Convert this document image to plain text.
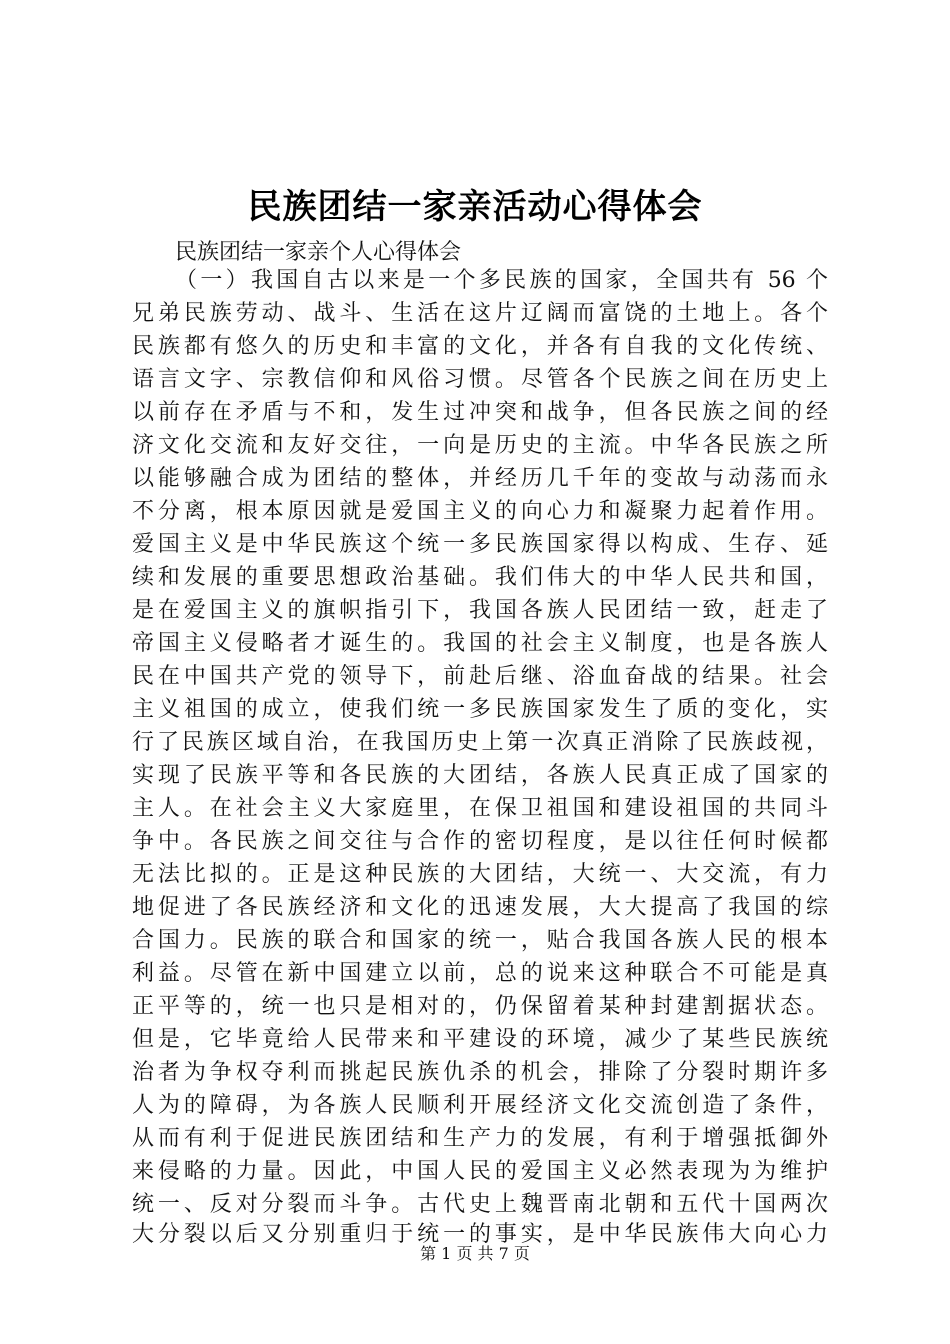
民族团结一家亲活动心得体会

民族团结一家亲个人心得体会

（一）我国自古以来是一个多民族的国家，全国共有 56 个

兄弟民族劳动、战斗、生活在这片辽阔而富饶的土地上。各个

民族都有悠久的历史和丰富的文化，并各有自我的文化传统、

语言文字、宗教信仰和风俗习惯。尽管各个民族之间在历史上

以前存在矛盾与不和，发生过冲突和战争，但各民族之间的经

济文化交流和友好交往，一向是历史的主流。中华各民族之所

以能够融合成为团结的整体，并经历几千年的变故与动荡而永

不分离，根本原因就是爱国主义的向心力和凝聚力起着作用。

爱国主义是中华民族这个统一多民族国家得以构成、生存、延

续和发展的重要思想政治基础。我们伟大的中华人民共和国，

是在爱国主义的旗帜指引下，我国各族人民团结一致，赶走了

帝国主义侵略者才诞生的。我国的社会主义制度，也是各族人

民在中国共产党的领导下，前赴后继、浴血奋战的结果。社会

主义祖国的成立，使我们统一多民族国家发生了质的变化，实

行了民族区域自治，在我国历史上第一次真正消除了民族歧视，

实现了民族平等和各民族的大团结，各族人民真正成了国家的

主人。在社会主义大家庭里，在保卫祖国和建设祖国的共同斗

争中。各民族之间交往与合作的密切程度，是以往任何时候都

无法比拟的。正是这种民族的大团结，大统一、大交流，有力

地促进了各民族经济和文化的迅速发展，大大提高了我国的综

合国力。民族的联合和国家的统一，贴合我国各族人民的根本

利益。尽管在新中国建立以前，总的说来这种联合不可能是真

正平等的，统一也只是相对的，仍保留着某种封建割据状态。

但是，它毕竟给人民带来和平建设的环境，减少了某些民族统

治者为争权夺利而挑起民族仇杀的机会，排除了分裂时期许多

人为的障碍，为各族人民顺利开展经济文化交流创造了条件，

从而有利于促进民族团结和生产力的发展，有利于增强抵御外

来侵略的力量。因此，中国人民的爱国主义必然表现为为维护

统一、反对分裂而斗争。古代史上魏晋南北朝和五代十国两次

大分裂以后又分别重归于统一的事实，是中华民族伟大向心力

第 1 页 共 7 页
